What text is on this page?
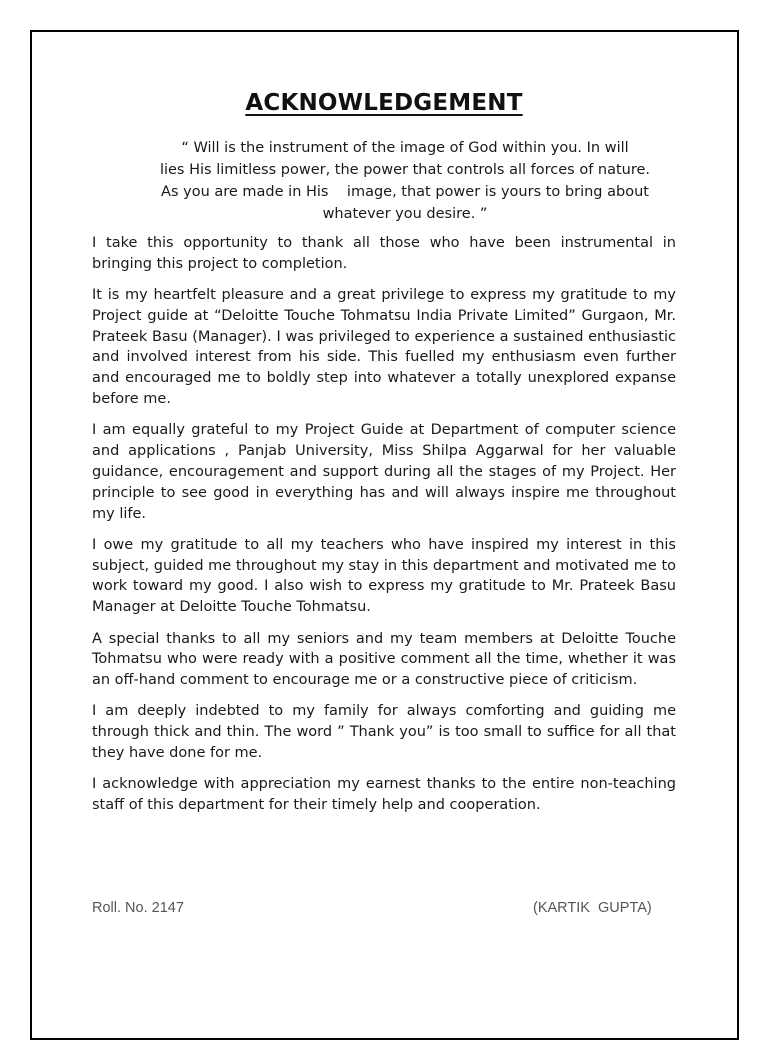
ACKNOWLEDGEMENT
“ Will is the instrument of the image of God within you. In will
lies His limitless power, the power that controls all forces of nature.
As you are made in His    image, that power is yours to bring about
whatever you desire. ”

I take this opportunity to thank all those who have been instrumental in bringing this project to completion.

It is my heartfelt pleasure and a great privilege to express my gratitude to my Project guide at “Deloitte Touche Tohmatsu India Private Limited” Gurgaon, Mr. Prateek Basu (Manager). I was privileged to experience a sustained enthusiastic and involved interest from his side. This fuelled my enthusiasm even further and encouraged me to boldly step into whatever a totally unexplored expanse before me.

I am equally grateful to my Project Guide at Department of computer science and applications , Panjab University, Miss Shilpa Aggarwal for her valuable guidance, encouragement and support during all the stages of my Project. Her principle to see good in everything has and will always inspire me throughout my life.

I owe my gratitude to all my teachers who have inspired my interest in this subject, guided me throughout my stay in this department and motivated me to work toward my good. I also wish to express my gratitude to Mr. Prateek Basu Manager at Deloitte Touche Tohmatsu.

A special thanks to all my seniors and my team members at Deloitte Touche Tohmatsu who were ready with a positive comment all the time, whether it was an off-hand comment to encourage me or a constructive piece of criticism.

I am deeply indebted to my family for always comforting and guiding me through thick and thin. The word ” Thank you” is too small to suffice for all that they have done for me.

I acknowledge with appreciation my earnest thanks to the entire non-teaching staff of this department for their timely help and cooperation.

Roll. No. 2147	(KARTIK  GUPTA)
